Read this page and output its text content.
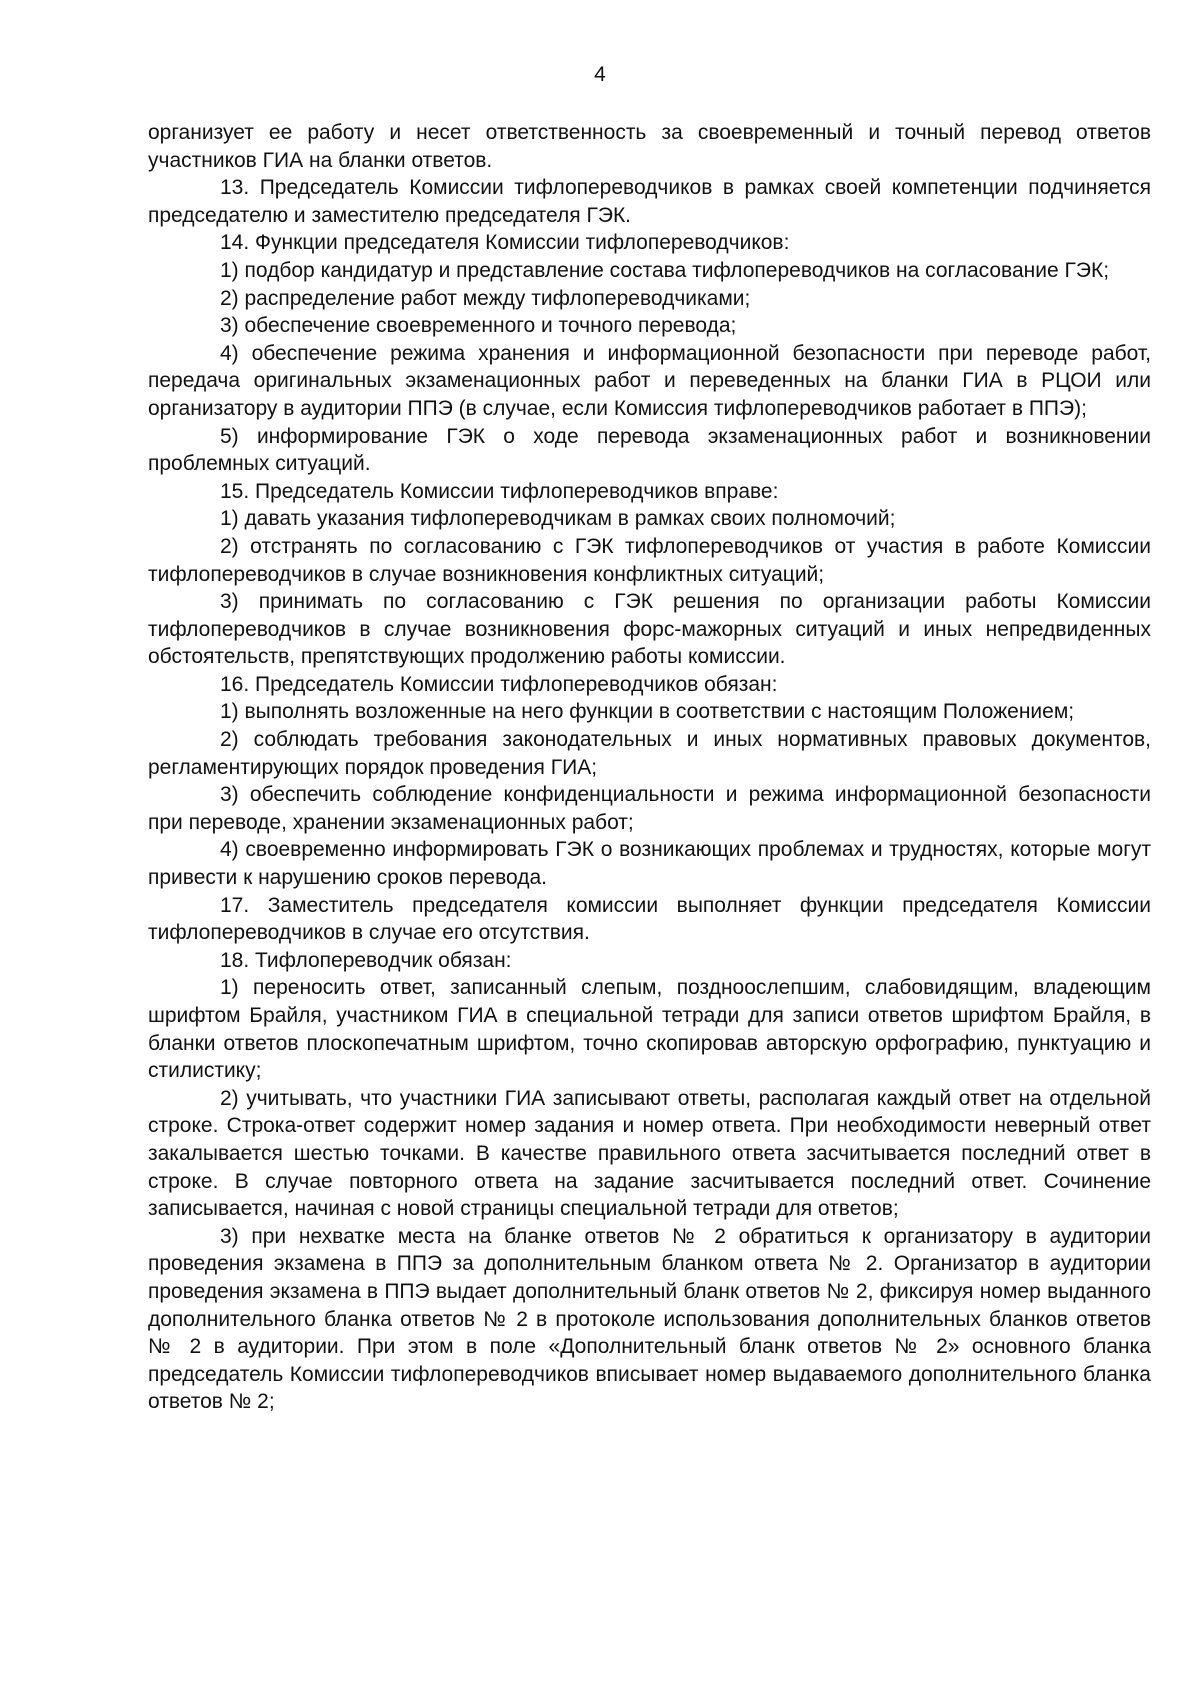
4

организует ее работу и несет ответственность за своевременный и точный перевод ответов участников ГИА на бланки ответов.

13. Председатель Комиссии тифлопереводчиков в рамках своей компетенции подчиняется председателю и заместителю председателя ГЭК.

14. Функции председателя Комиссии тифлопереводчиков:

1) подбор кандидатур и представление состава тифлопереводчиков на согласование ГЭК;

2) распределение работ между тифлопереводчиками;

3) обеспечение своевременного и точного перевода;

4) обеспечение режима хранения и информационной безопасности при переводе работ, передача оригинальных экзаменационных работ и переведенных на бланки ГИА в РЦОИ или организатору в аудитории ППЭ (в случае, если Комиссия тифлопереводчиков работает в ППЭ);

5) информирование ГЭК о ходе перевода экзаменационных работ и возникновении проблемных ситуаций.

15. Председатель Комиссии тифлопереводчиков вправе:

1) давать указания тифлопереводчикам в рамках своих полномочий;

2) отстранять по согласованию с ГЭК тифлопереводчиков от участия в работе Комиссии тифлопереводчиков в случае возникновения конфликтных ситуаций;

3) принимать по согласованию с ГЭК решения по организации работы Комиссии тифлопереводчиков в случае возникновения форс-мажорных ситуаций и иных непредвиденных обстоятельств, препятствующих продолжению работы комиссии.

16. Председатель Комиссии тифлопереводчиков обязан:

1) выполнять возложенные на него функции в соответствии с настоящим Положением;

2) соблюдать требования законодательных и иных нормативных правовых документов, регламентирующих порядок проведения ГИА;

3) обеспечить соблюдение конфиденциальности и режима информационной безопасности при переводе, хранении экзаменационных работ;

4) своевременно информировать ГЭК о возникающих проблемах и трудностях, которые могут привести к нарушению сроков перевода.

17. Заместитель председателя комиссии выполняет функции председателя Комиссии тифлопереводчиков в случае его отсутствия.

18. Тифлопереводчик обязан:

1) переносить ответ, записанный слепым, поздноослепшим, слабовидящим, владеющим шрифтом Брайля, участником ГИА в специальной тетради для записи ответов шрифтом Брайля, в бланки ответов плоскопечатным шрифтом, точно скопировав авторскую орфографию, пунктуацию и стилистику;

2) учитывать, что участники ГИА записывают ответы, располагая каждый ответ на отдельной строке. Строка-ответ содержит номер задания и номер ответа. При необходимости неверный ответ закалывается шестью точками. В качестве правильного ответа засчитывается последний ответ в строке. В случае повторного ответа на задание засчитывается последний ответ. Сочинение записывается, начиная с новой страницы специальной тетради для ответов;

3) при нехватке места на бланке ответов № 2 обратиться к организатору в аудитории проведения экзамена в ППЭ за дополнительным бланком ответа № 2. Организатор в аудитории проведения экзамена в ППЭ выдает дополнительный бланк ответов № 2, фиксируя номер выданного дополнительного бланка ответов № 2 в протоколе использования дополнительных бланков ответов № 2 в аудитории. При этом в поле «Дополнительный бланк ответов № 2» основного бланка председатель Комиссии тифлопереводчиков вписывает номер выдаваемого дополнительного бланка ответов № 2;
